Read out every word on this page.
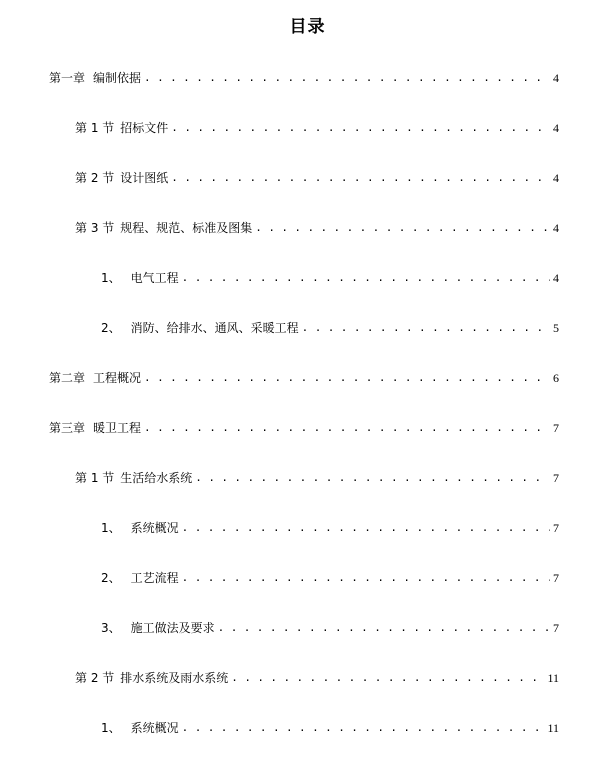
目录
第一章 编制依据 . . .	4
第 1 节 招标文件 . . .	4
第 2 节 设计图纸 . . .	4
第 3 节 规程、规范、标准及图集 . . .	4
1、 电气工程 . . .	4
2、 消防、给排水、通风、采暖工程 . . .	5
第二章 工程概况 . . .	6
第三章 暖卫工程 . . .	7
第 1 节 生活给水系统 . . .	7
1、 系统概况 . . .	7
2、 工艺流程 . . .	7
3、 施工做法及要求 . . .	7
第 2 节 排水系统及雨水系统 . . .	11
1、 系统概况 . . .	11
